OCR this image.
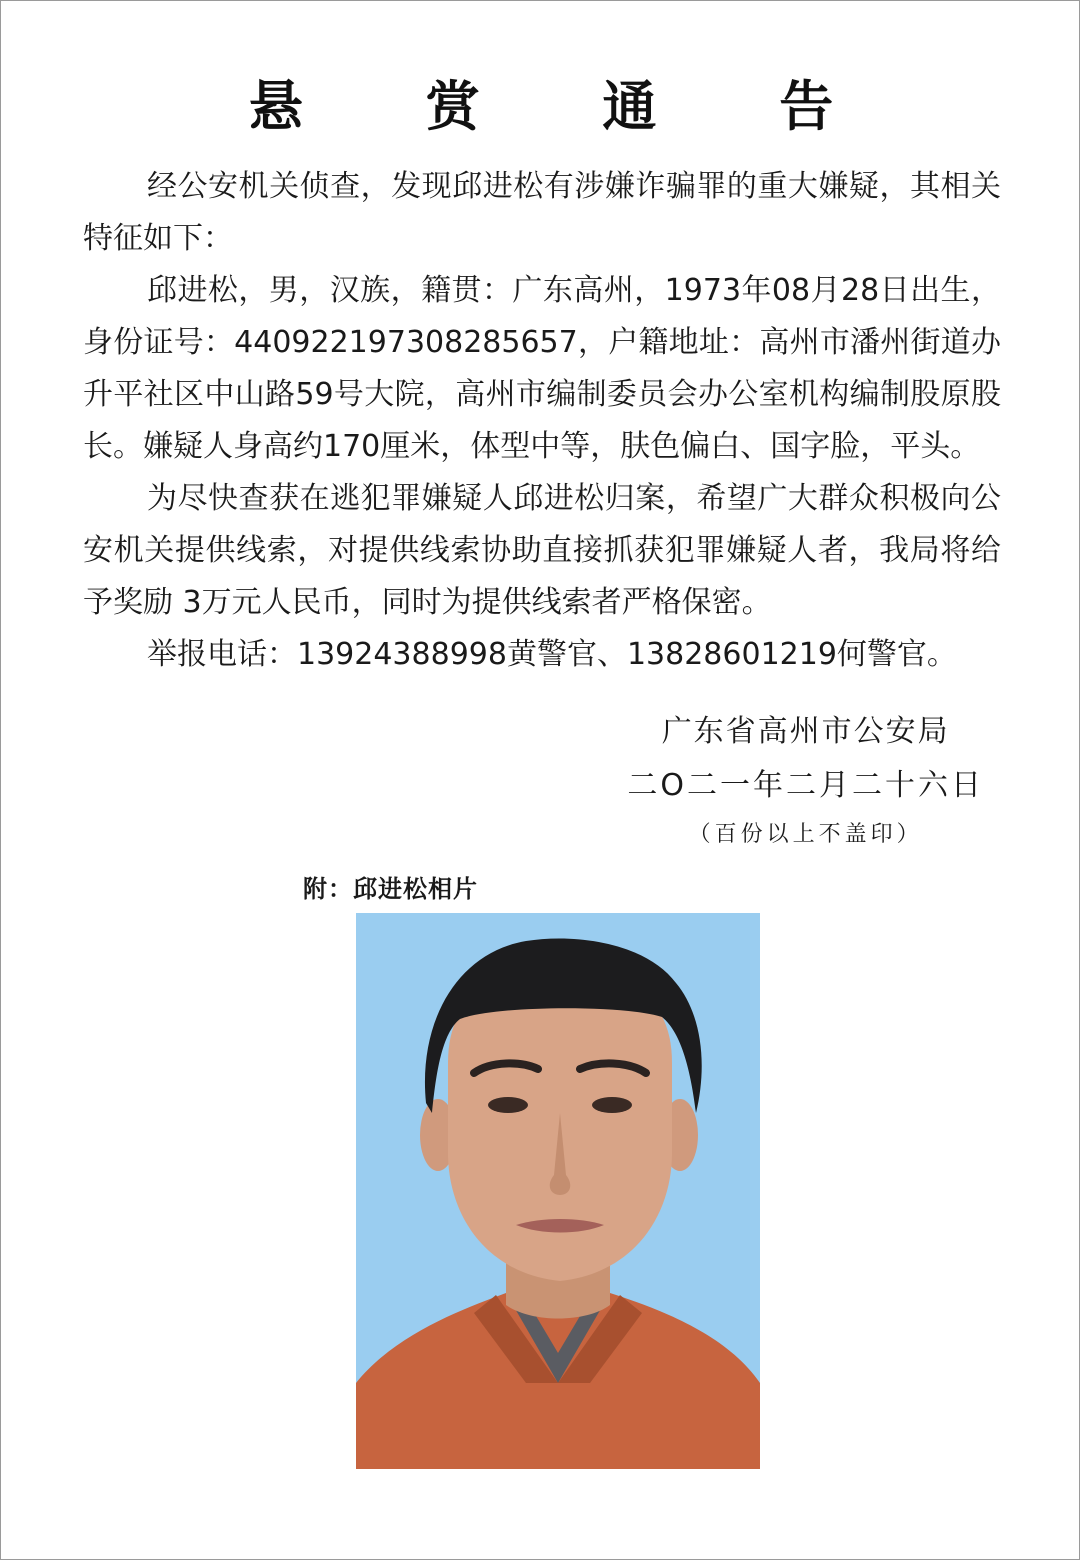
悬 赏 通 告

经公安机关侦查，发现邱进松有涉嫌诈骗罪的重大嫌疑，其相关特征如下：

邱进松，男，汉族，籍贯：广东高州，1973年08月28日出生，身份证号：440922197308285657，户籍地址：高州市潘州街道办升平社区中山路59号大院，高州市编制委员会办公室机构编制股原股长。嫌疑人身高约170厘米，体型中等，肤色偏白、国字脸，平头。

为尽快查获在逃犯罪嫌疑人邱进松归案，希望广大群众积极向公安机关提供线索，对提供线索协助直接抓获犯罪嫌疑人者，我局将给予奖励 3万元人民币，同时为提供线索者严格保密。

举报电话：13924388998黄警官、13828601219何警官。

广东省高州市公安局
二O二一年二月二十六日
（百份以上不盖印）
附：邱进松相片
